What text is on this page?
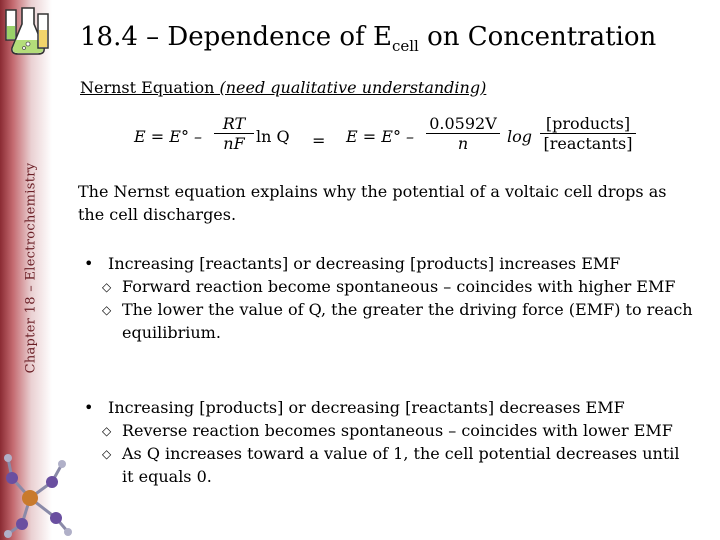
Chapter 18 – Electrochemistry
18.4 – Dependence of $E_{cell}$ on Concentration
Nernst Equation (need qualitative understanding)
E = E° –
RT
nF ln Q = E = E° –
0.0592V
n	log
[products]
[reactants]
The Nernst equation explains why the potential of a voltaic cell drops as the cell discharges.
• Increasing [reactants] or decreasing [products] increases EMF
◇ Forward reaction become spontaneous – coincides with higher EMF
◇ The lower the value of Q, the greater the driving force (EMF) to reach equilibrium.
• Increasing [products] or decreasing [reactants] decreases EMF
◇ Reverse reaction becomes spontaneous – coincides with lower EMF
◇ As Q increases toward a value of 1, the cell potential decreases until it equals 0.
